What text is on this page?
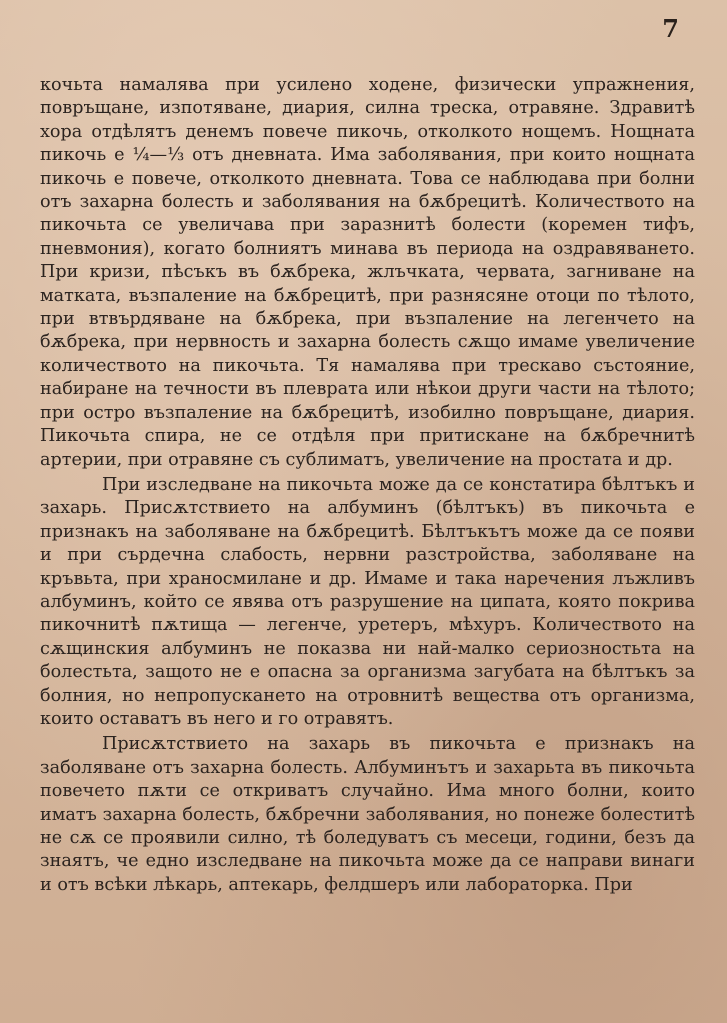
7

кочьта намалява при усилено ходене, физически упражнения, повръщане, изпотяване, диария, силна треска, отравяне. Здравитѣ хора отдѣлятъ денемъ повече пикочь, отколкото нощемъ. Нощната пикочь е ¼—⅓ отъ дневната. Има заболявания, при които нощната пикочь е повече, отколкото дневната. Това се наблюдава при болни отъ захарна болесть и заболявания на бѫбрецитѣ. Количеството на пикочьта се увеличава при заразнитѣ болести (коремен тифъ, пневмония), когато болниятъ минава въ периода на оздравяването. При кризи, пѣсъкъ въ бѫбрека, жлъчката, червата, загниване на матката, възпаление на бѫбрецитѣ, при разнясяне отоци по тѣлото, при втвърдяване на бѫбрека, при възпаление на легенчето на бѫбрека, при нервность и захарна болесть сѫщо имаме увеличение количеството на пикочьта. Тя намалява при трескаво състояние, набиране на течности въ плеврата или нѣкои други части на тѣлото; при остро възпаление на бѫбрецитѣ, изобилно повръщане, диария. Пикочьта спира, не се отдѣля при притискане на бѫбречнитѣ артерии, при отравяне съ сублиматъ, увеличение на простата и др.

При изследване на пикочьта може да се констатира бѣлтъкъ и захарь. Присѫтствието на албуминъ (бѣлтъкъ) въ пикочьта е признакъ на заболяване на бѫбрецитѣ. Бѣлтъкътъ може да се появи и при сърдечна слабость, нервни разстройства, заболяване на кръвьта, при храносмилане и др. Имаме и така наречения лъжливъ албуминъ, който се явява отъ разрушение на ципата, която покрива пикочнитѣ пѫтища — легенче, уретеръ, мѣхуръ. Количеството на сѫщинския албуминъ не показва ни най-малко сериозностьта на болестьта, защото не е опасна за организма загубата на бѣлтъкъ за болния, но непропускането на отровнитѣ вещества отъ организма, които оставатъ въ него и го отравятъ.

Присѫтствието на захарь въ пикочьта е признакъ на заболяване отъ захарна болесть. Албуминътъ и захарьта въ пикочьта повечето пѫти се откриватъ случайно. Има много болни, които иматъ захарна болесть, бѫбречни заболявания, но понеже болеститѣ не сѫ се проявили силно, тѣ боледуватъ съ месеци, години, безъ да знаятъ, че едно изследване на пикочьта може да се направи винаги и отъ всѣки лѣкарь, аптекарь, фелдшеръ или лабораторка. При
